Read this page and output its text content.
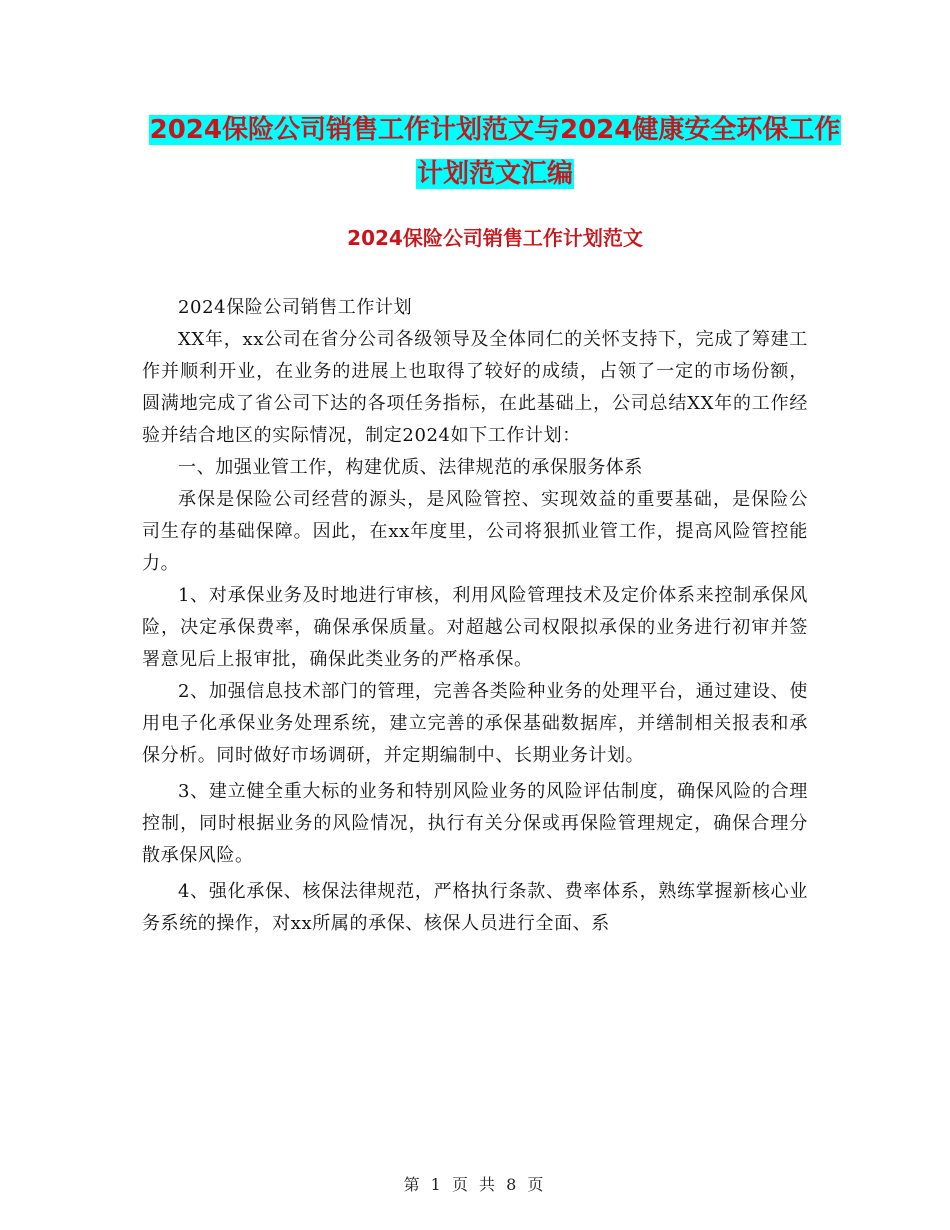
2024保险公司销售工作计划范文与2024健康安全环保工作计划范文汇编
2024保险公司销售工作计划范文

2024保险公司销售工作计划

XX年，xx公司在省分公司各级领导及全体同仁的关怀支持下，完成了筹建工作并顺利开业，在业务的进展上也取得了较好的成绩，占领了一定的市场份额，圆满地完成了省公司下达的各项任务指标，在此基础上，公司总结XX年的工作经验并结合地区的实际情况，制定2024如下工作计划：

一、加强业管工作，构建优质、法律规范的承保服务体系

承保是保险公司经营的源头，是风险管控、实现效益的重要基础，是保险公司生存的基础保障。因此，在xx年度里，公司将狠抓业管工作，提高风险管控能力。

1、对承保业务及时地进行审核，利用风险管理技术及定价体系来控制承保风险，决定承保费率，确保承保质量。对超越公司权限拟承保的业务进行初审并签署意见后上报审批，确保此类业务的严格承保。

2、加强信息技术部门的管理，完善各类险种业务的处理平台，通过建设、使用电子化承保业务处理系统，建立完善的承保基础数据库，并缮制相关报表和承保分析。同时做好市场调研，并定期编制中、长期业务计划。

3、建立健全重大标的业务和特别风险业务的风险评估制度，确保风险的合理控制，同时根据业务的风险情况，执行有关分保或再保险管理规定，确保合理分散承保风险。

4、强化承保、核保法律规范，严格执行条款、费率体系，熟练掌握新核心业务系统的操作，对xx所属的承保、核保人员进行全面、系

第 1 页 共 8 页
